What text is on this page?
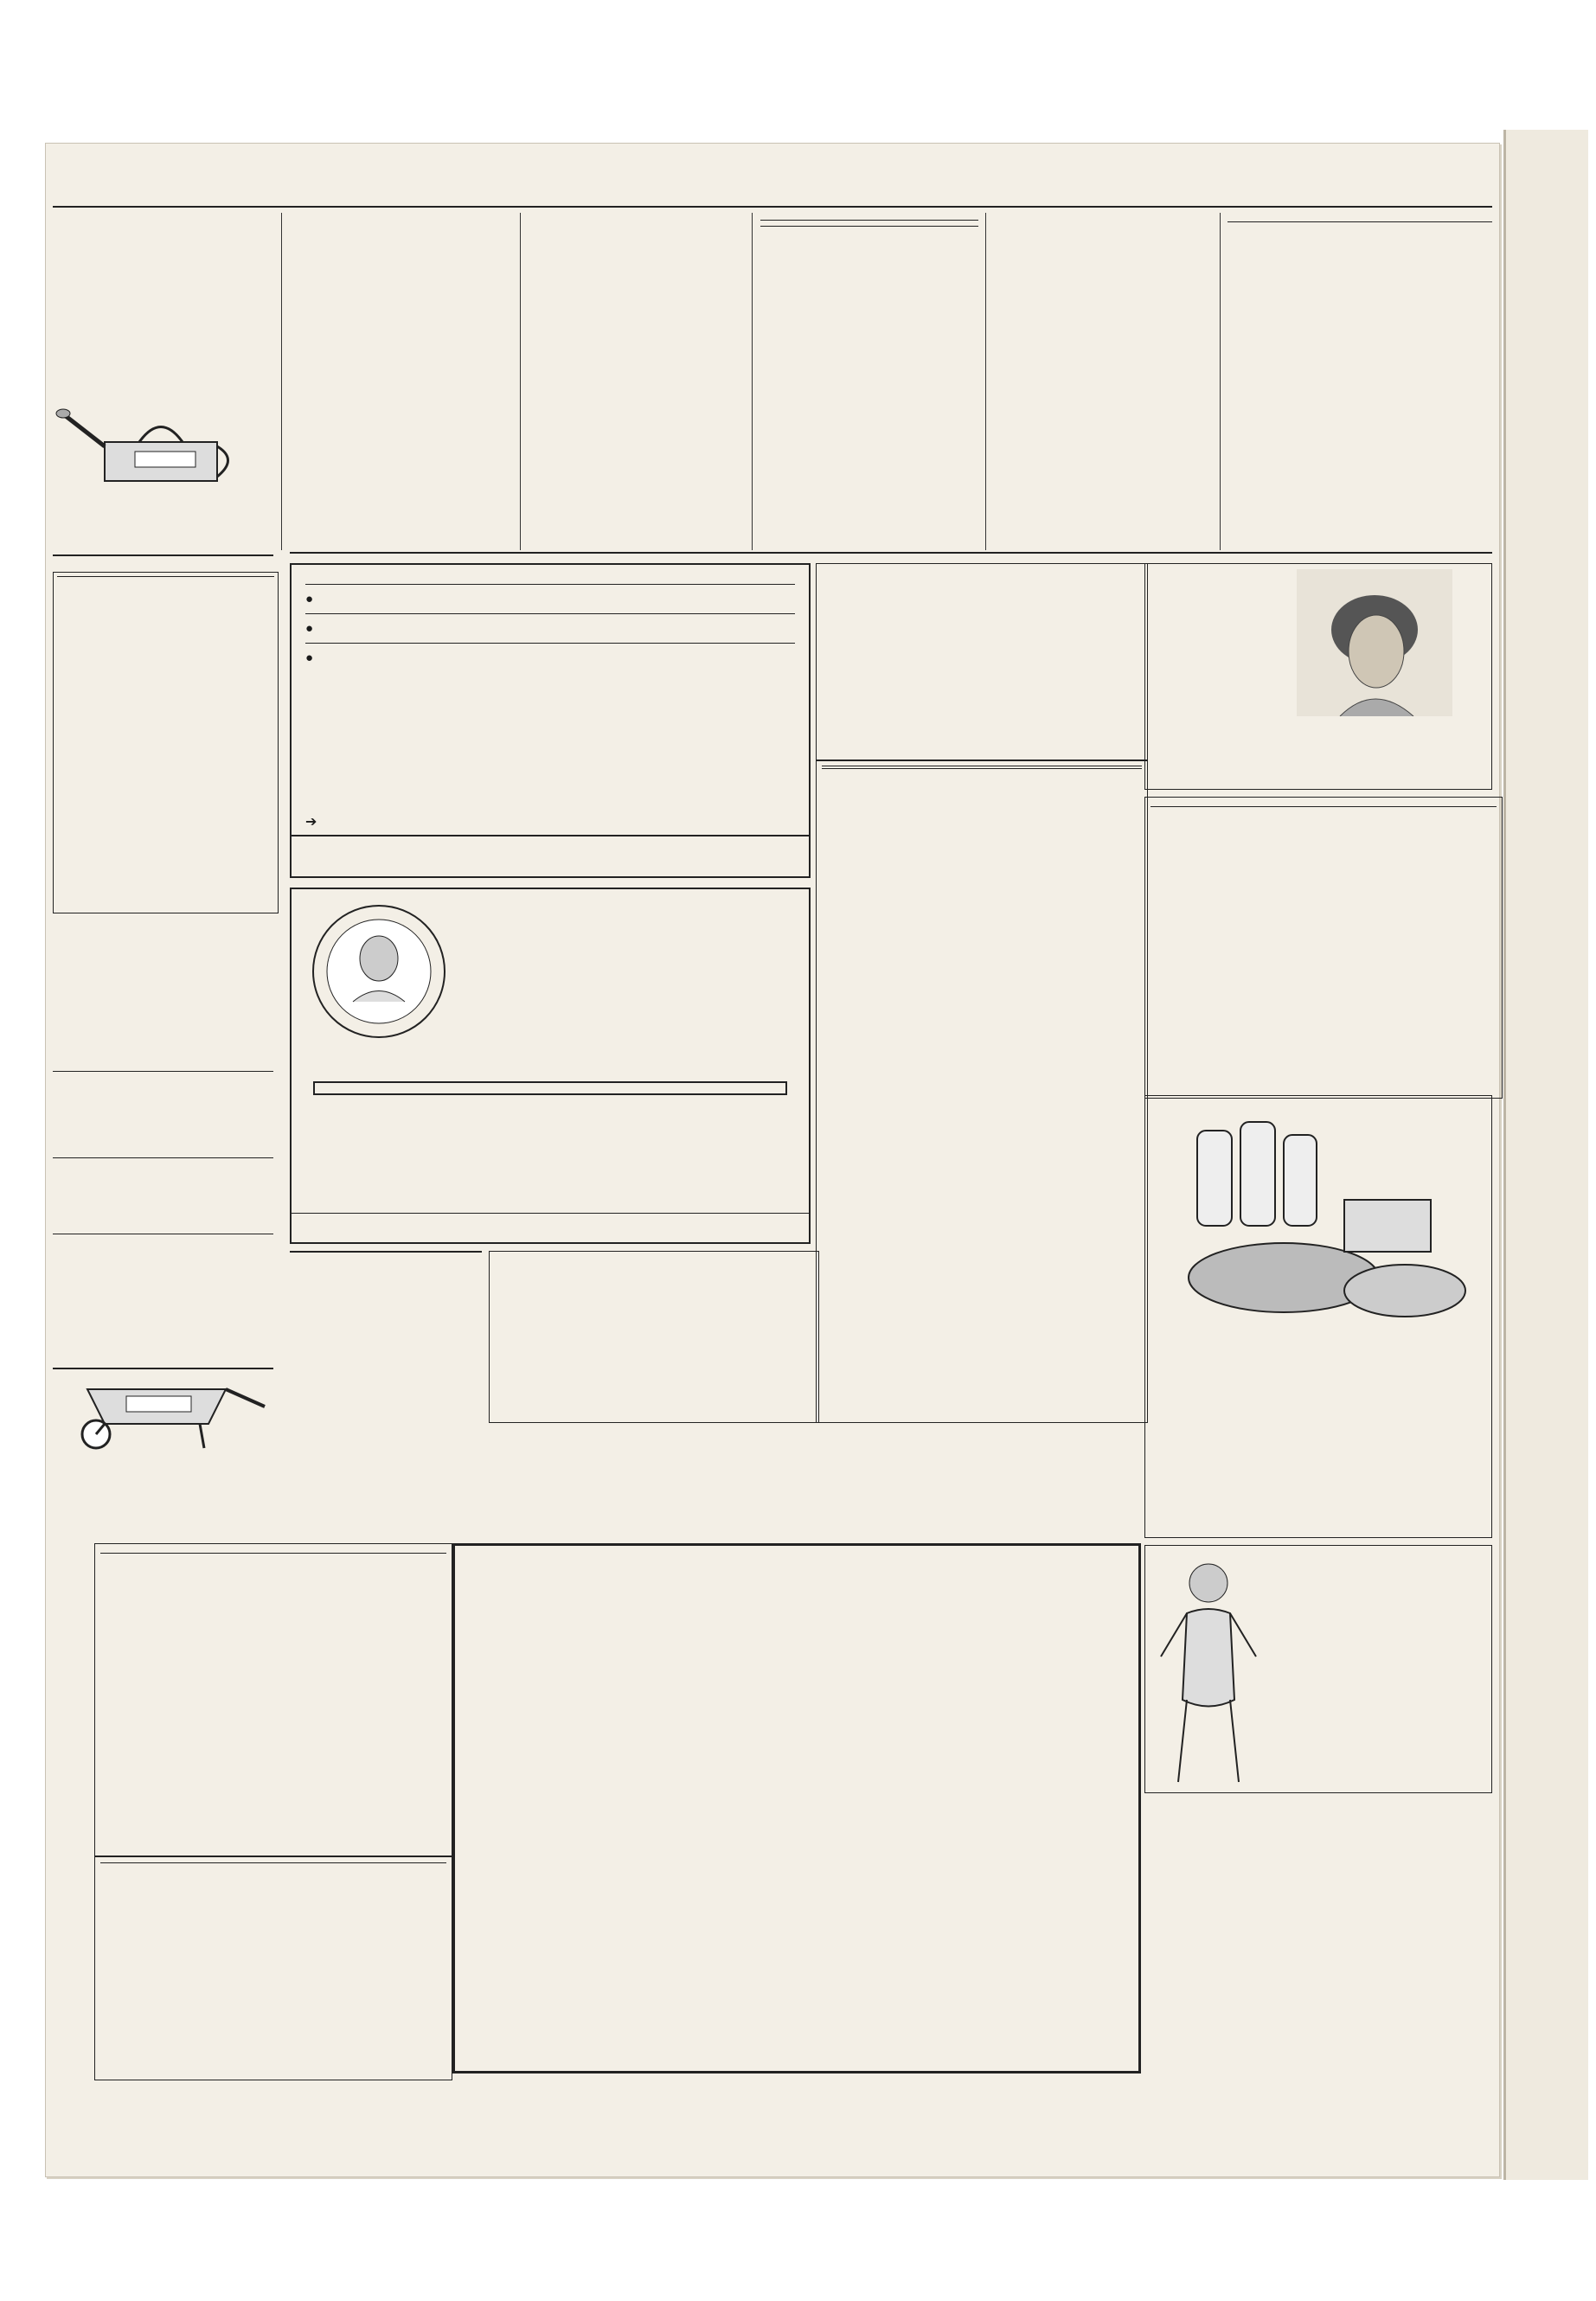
●
●
●
➔
